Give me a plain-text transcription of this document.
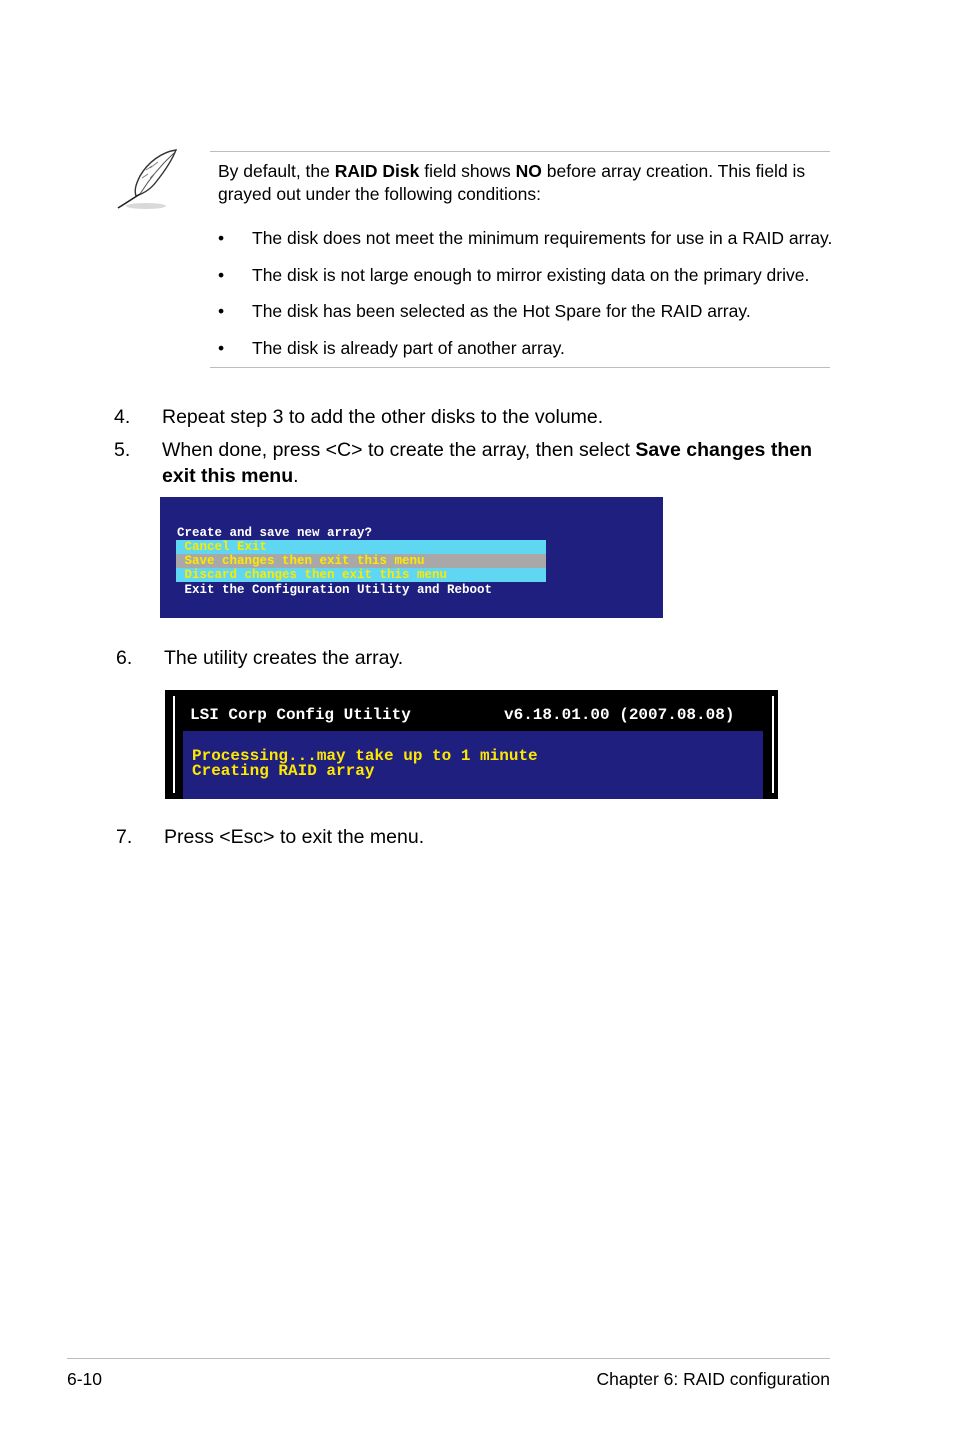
By default, the RAID Disk field shows NO before array creation. This field is grayed out under the following conditions:
•	The disk does not meet the minimum requirements for use in a RAID array.
•	The disk is not large enough to mirror existing data on the primary drive.
•	The disk has been selected as the Hot Spare for the RAID array.
•	The disk is already part of another array.
4. Repeat step 3 to add the other disks to the volume.
5. When done, press <C> to create the array, then select Save changes then exit this menu.
Create and save new array?
Cancel Exit
Save changes then exit this menu
Discard changes then exit this menu
Exit the Configuration Utility and Reboot
6. The utility creates the array.
LSI Corp Config Utility	v6.18.01.00 (2007.08.08)
Processing...may take up to 1 minute
Creating RAID array
7. Press <Esc> to exit the menu.
6-10	Chapter 6: RAID configuration
